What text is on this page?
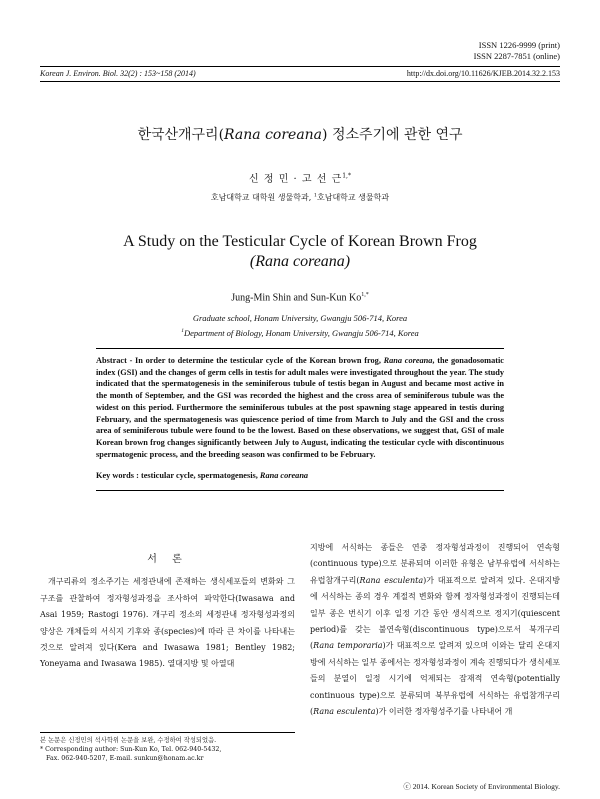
ISSN 1226-9999 (print)
ISSN 2287-7851 (online)
Korean J. Environ. Biol. 32(2) : 153~158 (2014)	http://dx.doi.org/10.11626/KJEB.2014.32.2.153
한국산개구리(Rana coreana) 정소주기에 관한 연구
신 정 민 · 고 선 근$^{1,*}$
호남대학교 대학원 생물학과, $^1$호남대학교 생물학과
A Study on the Testicular Cycle of Korean Brown Frog
(Rana coreana)
Jung-Min Shin and Sun-Kun $Ko^{1,*}$
Graduate school, Honam University, Gwangju 506-714, Korea
$^1$Department of Biology, Honam University, Gwangju 506-714, Korea
Abstract - In order to determine the testicular cycle of the Korean brown frog, Rana coreana, the gonadosomatic index (GSI) and the changes of germ cells in testis for adult males were investigated throughout the year. The study indicated that the spermatogenesis in the seminiferous tubule of testis began in August and became most active in the month of September, and the GSI was recorded the highest and the cross area of seminiferous tubule was the widest on this period. Furthermore the seminiferous tubules at the post spawning stage appeared in testis during February, and the spermatogenesis was quiescence period of time from March to July and the GSI and the cross area of seminiferous tubule were found to be the lowest. Based on these observations, we suggest that, GSI of male Korean brown frog changes significantly between July to August, indicating the testicular cycle with discontinuous spermatogenic process, and the breeding season was confirmed to be February.
Key words : testicular cycle, spermatogenesis, Rana coreana
서 론
개구리류의 정소주기는 세정관내에 존재하는 생식세포들의 변화와 그 구조를 관찰하여 정자형성과정을 조사하여 파악한다(Iwasawa and Asai 1959; Rastogi 1976). 개구리 정소의 세정관내 정자형성과정의 양상은 개체들의 서식지 기후와 종(species)에 따라 큰 차이를 나타내는 것으로 알려져 있다(Kera and Iwasawa 1981; Bentley 1982; Yoneyama and Iwasawa 1985). 열대지방 및 아열대
지방에 서식하는 종들은 연중 정자형성과정이 진행되어 연속형(continuous type)으로 분류되며 이러한 유형은 남부유럽에 서식하는 유럽참개구리(Rana esculenta)가 대표적으로 알려져 있다. 온대지방에 서식하는 종의 경우 계절적 변화와 함께 정자형성과정이 진행되는데 일부 종은 번식기 이후 일정 기간 동안 생식적으로 정지기(quiescent period)를 갖는 불연속형(discontinuous type)으로서 북개구리(Rana temporaria)가 대표적으로 알려져 있으며 이와는 달리 온대지방에 서식하는 일부 종에서는 정자형성과정이 계속 진행되다가 생식세포들의 분열이 일정 시기에 억제되는 잠재적 연속형(potentially continuous type)으로 분류되며 북부유럽에 서식하는 유럽참개구리(Rana esculenta)가 이러한 정자형성주기를 나타내어 개
본 논문은 신정민의 석사학위 논문을 보완, 수정하여 작성되었음.
* Corresponding author: Sun-Kun Ko, Tel. 062-940-5432,
Fax. 062-940-5207, E-mail. sunkun@honam.ac.kr
ⓒ 2014. Korean Society of Environmental Biology.
